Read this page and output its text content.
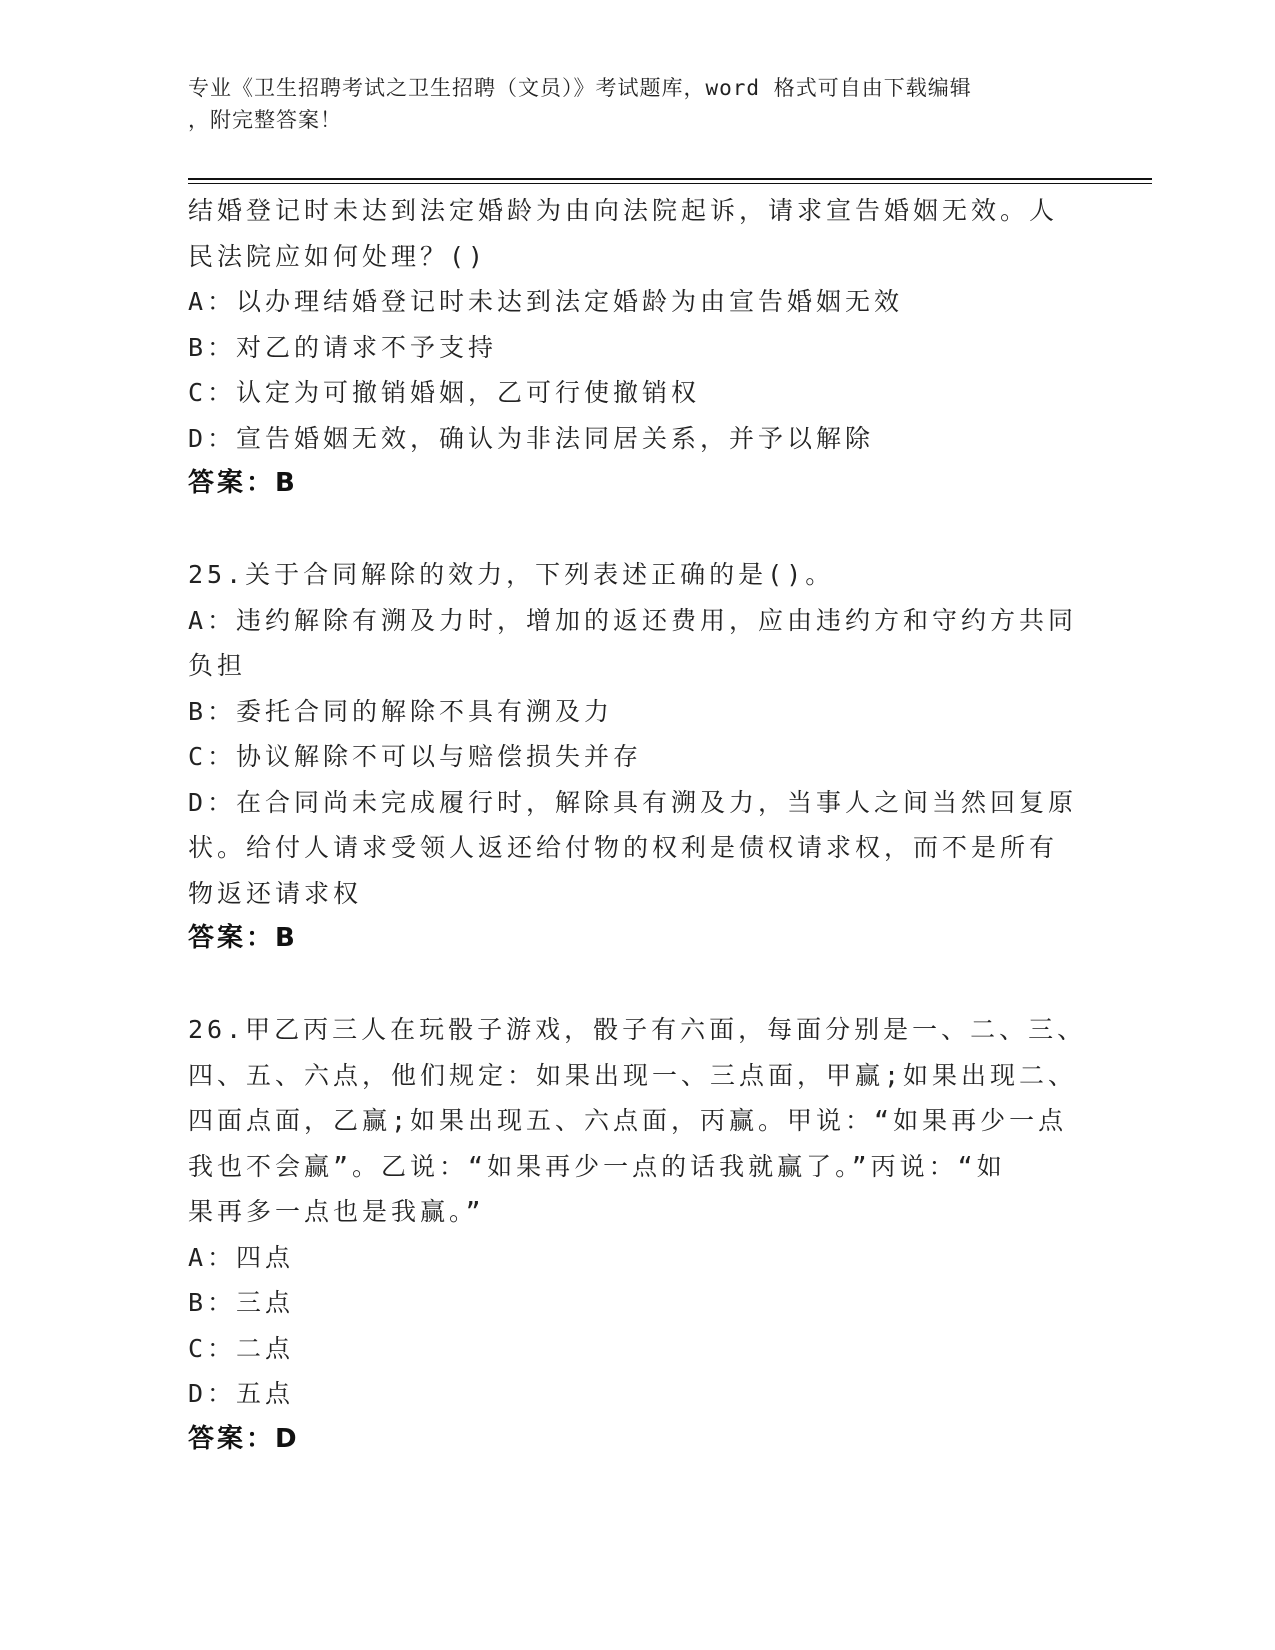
专业《卫生招聘考试之卫生招聘（文员）》考试题库，word 格式可自由下载编辑
，附完整答案！

结婚登记时未达到法定婚龄为由向法院起诉，请求宣告婚姻无效。人

民法院应如何处理？()

A：以办理结婚登记时未达到法定婚龄为由宣告婚姻无效

B：对乙的请求不予支持

C：认定为可撤销婚姻，乙可行使撤销权

D：宣告婚姻无效，确认为非法同居关系，并予以解除

答案：B

25.关于合同解除的效力，下列表述正确的是()。

A：违约解除有溯及力时，增加的返还费用，应由违约方和守约方共同

负担

B：委托合同的解除不具有溯及力

C：协议解除不可以与赔偿损失并存

D：在合同尚未完成履行时，解除具有溯及力，当事人之间当然回复原

状。给付人请求受领人返还给付物的权利是债权请求权，而不是所有

物返还请求权

答案：B

26.甲乙丙三人在玩骰子游戏，骰子有六面，每面分别是一、二、三、

四、五、六点，他们规定：如果出现一、三点面，甲赢;如果出现二、

四面点面，乙赢;如果出现五、六点面，丙赢。甲说：“如果再少一点

我也不会赢”。乙说：“如果再少一点的话我就赢了。”丙说：“如

果再多一点也是我赢。”

A：四点

B：三点

C：二点

D：五点

答案：D
